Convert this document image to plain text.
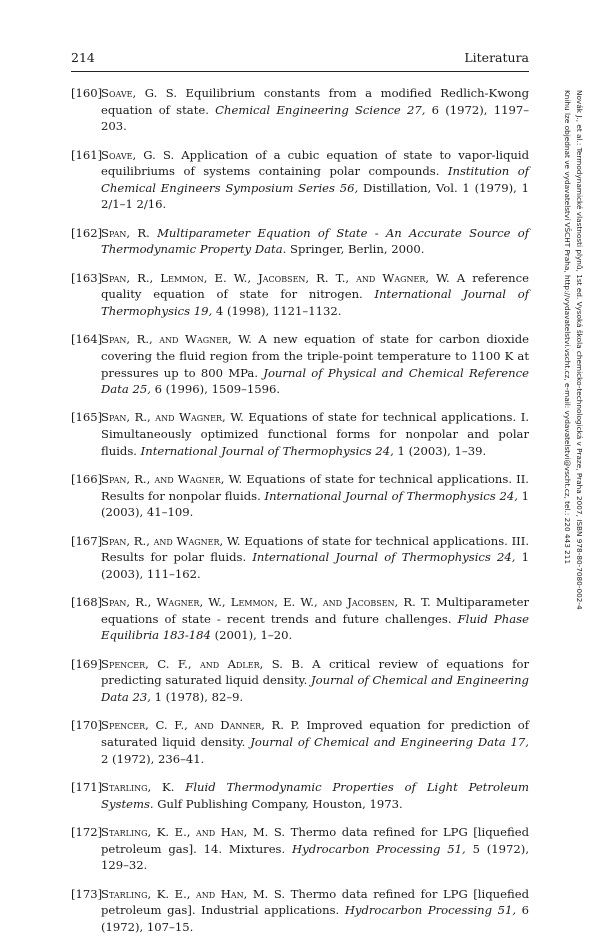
214	Literatura
Novák J., et al.: Termodynamické vlastnosti plynů, 1st ed. Vysoká škola chemicko-technologická v Praze, Praha 2007, ISBN 978-80-7080-002-4
Knihu lze objednat ve vydavatelství VŠCHT Praha, http://vydavatelstvi.vscht.cz, e-mail: vydavatelstvi@vscht.cz, tel.: 220 443 211
[160]
Soave, G. S. Equilibrium constants from a modified Redlich-Kwong equation of state. Chemical Engineering Science 27, 6 (1972), 1197–203.
[161]
Soave, G. S. Application of a cubic equation of state to vapor-liquid equilibriums of systems containing polar compounds. Institution of Chemical Engineers Symposium Series 56, Distillation, Vol. 1 (1979), 1 2/1–1 2/16.
[162]
Span, R. Multiparameter Equation of State - An Accurate Source of Thermodynamic Property Data. Springer, Berlin, 2000.
[163]
Span, R., Lemmon, E. W., Jacobsen, R. T., and Wagner, W. A reference quality equation of state for nitrogen. International Journal of Thermophysics 19, 4 (1998), 1121–1132.
[164]
Span, R., and Wagner, W. A new equation of state for carbon dioxide covering the fluid region from the triple-point temperature to 1100 K at pressures up to 800 MPa. Journal of Physical and Chemical Reference Data 25, 6 (1996), 1509–1596.
[165]
Span, R., and Wagner, W. Equations of state for technical applications. I. Simultaneously optimized functional forms for nonpolar and polar fluids. International Journal of Thermophysics 24, 1 (2003), 1–39.
[166]
Span, R., and Wagner, W. Equations of state for technical applications. II. Results for nonpolar fluids. International Journal of Thermophysics 24, 1 (2003), 41–109.
[167]
Span, R., and Wagner, W. Equations of state for technical applications. III. Results for polar fluids. International Journal of Thermophysics 24, 1 (2003), 111–162.
[168]
Span, R., Wagner, W., Lemmon, E. W., and Jacobsen, R. T. Multiparameter equations of state - recent trends and future challenges. Fluid Phase Equilibria 183-184 (2001), 1–20.
[169]
Spencer, C. F., and Adler, S. B. A critical review of equations for predicting saturated liquid density. Journal of Chemical and Engineering Data 23, 1 (1978), 82–9.
[170]
Spencer, C. F., and Danner, R. P. Improved equation for prediction of saturated liquid density. Journal of Chemical and Engineering Data 17, 2 (1972), 236–41.
[171]
Starling, K. Fluid Thermodynamic Properties of Light Petroleum Systems. Gulf Publishing Company, Houston, 1973.
[172]
Starling, K. E., and Han, M. S. Thermo data refined for LPG [liquefied petroleum gas]. 14. Mixtures. Hydrocarbon Processing 51, 5 (1972), 129–32.
[173]
Starling, K. E., and Han, M. S. Thermo data refined for LPG [liquefied petroleum gas]. Industrial applications. Hydrocarbon Processing 51, 6 (1972), 107–15.
